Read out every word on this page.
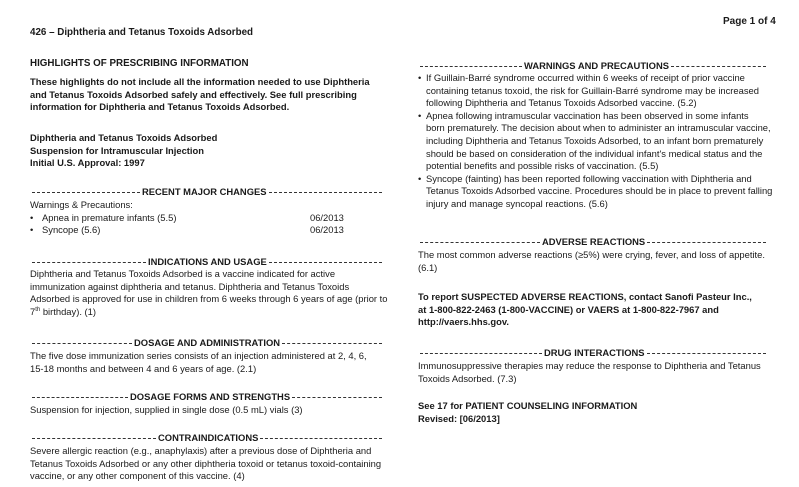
Page 1 of 4
426 – Diphtheria and Tetanus Toxoids Adsorbed
HIGHLIGHTS OF PRESCRIBING INFORMATION

These highlights do not include all the information needed to use Diphtheria

and Tetanus Toxoids Adsorbed safely and effectively. See full prescribing

information for Diphtheria and Tetanus Toxoids Adsorbed.

Diphtheria and Tetanus Toxoids Adsorbed

Suspension for Intramuscular Injection

Initial U.S. Approval: 1997

RECENT MAJOR CHANGES

Warnings & Precautions:

• Apnea in premature infants (5.5)	06/2013
• Syncope (5.6)	06/2013
INDICATIONS AND USAGE

Diphtheria and Tetanus Toxoids Adsorbed is a vaccine indicated for active

immunization against diphtheria and tetanus. Diphtheria and Tetanus Toxoids

Adsorbed is approved for use in children from 6 weeks through 6 years of age (prior to

7th birthday). (1)

DOSAGE AND ADMINISTRATION

The five dose immunization series consists of an injection administered at 2, 4, 6,

15-18 months and between 4 and 6 years of age. (2.1)

DOSAGE FORMS AND STRENGTHS

Suspension for injection, supplied in single dose (0.5 mL) vials (3)

CONTRAINDICATIONS

Severe allergic reaction (e.g., anaphylaxis) after a previous dose of Diphtheria and

Tetanus Toxoids Adsorbed or any other diphtheria toxoid or tetanus toxoid-containing

vaccine, or any other component of this vaccine. (4)

WARNINGS AND PRECAUTIONS
• If Guillain-Barré syndrome occurred within 6 weeks of receipt of prior vaccine

containing tetanus toxoid, the risk for Guillain-Barré syndrome may be increased

following Diphtheria and Tetanus Toxoids Adsorbed vaccine. (5.2)

• Apnea following intramuscular vaccination has been observed in some infants

born prematurely. The decision about when to administer an intramuscular vaccine,

including Diphtheria and Tetanus Toxoids Adsorbed, to an infant born prematurely

should be based on consideration of the individual infant's medical status and the

potential benefits and possible risks of vaccination. (5.5)

• Syncope (fainting) has been reported following vaccination with Diphtheria and

Tetanus Toxoids Adsorbed vaccine. Procedures should be in place to prevent falling

injury and manage syncopal reactions. (5.6)

ADVERSE REACTIONS

The most common adverse reactions (≥5%) were crying, fever, and loss of appetite.

(6.1)

To report SUSPECTED ADVERSE REACTIONS, contact Sanofi Pasteur Inc.,

at 1-800-822-2463 (1-800-VACCINE) or VAERS at 1-800-822-7967 and

http://vaers.hhs.gov.

DRUG INTERACTIONS

Immunosuppressive therapies may reduce the response to Diphtheria and Tetanus

Toxoids Adsorbed. (7.3)

See 17 for PATIENT COUNSELING INFORMATION

Revised: [06/2013]
